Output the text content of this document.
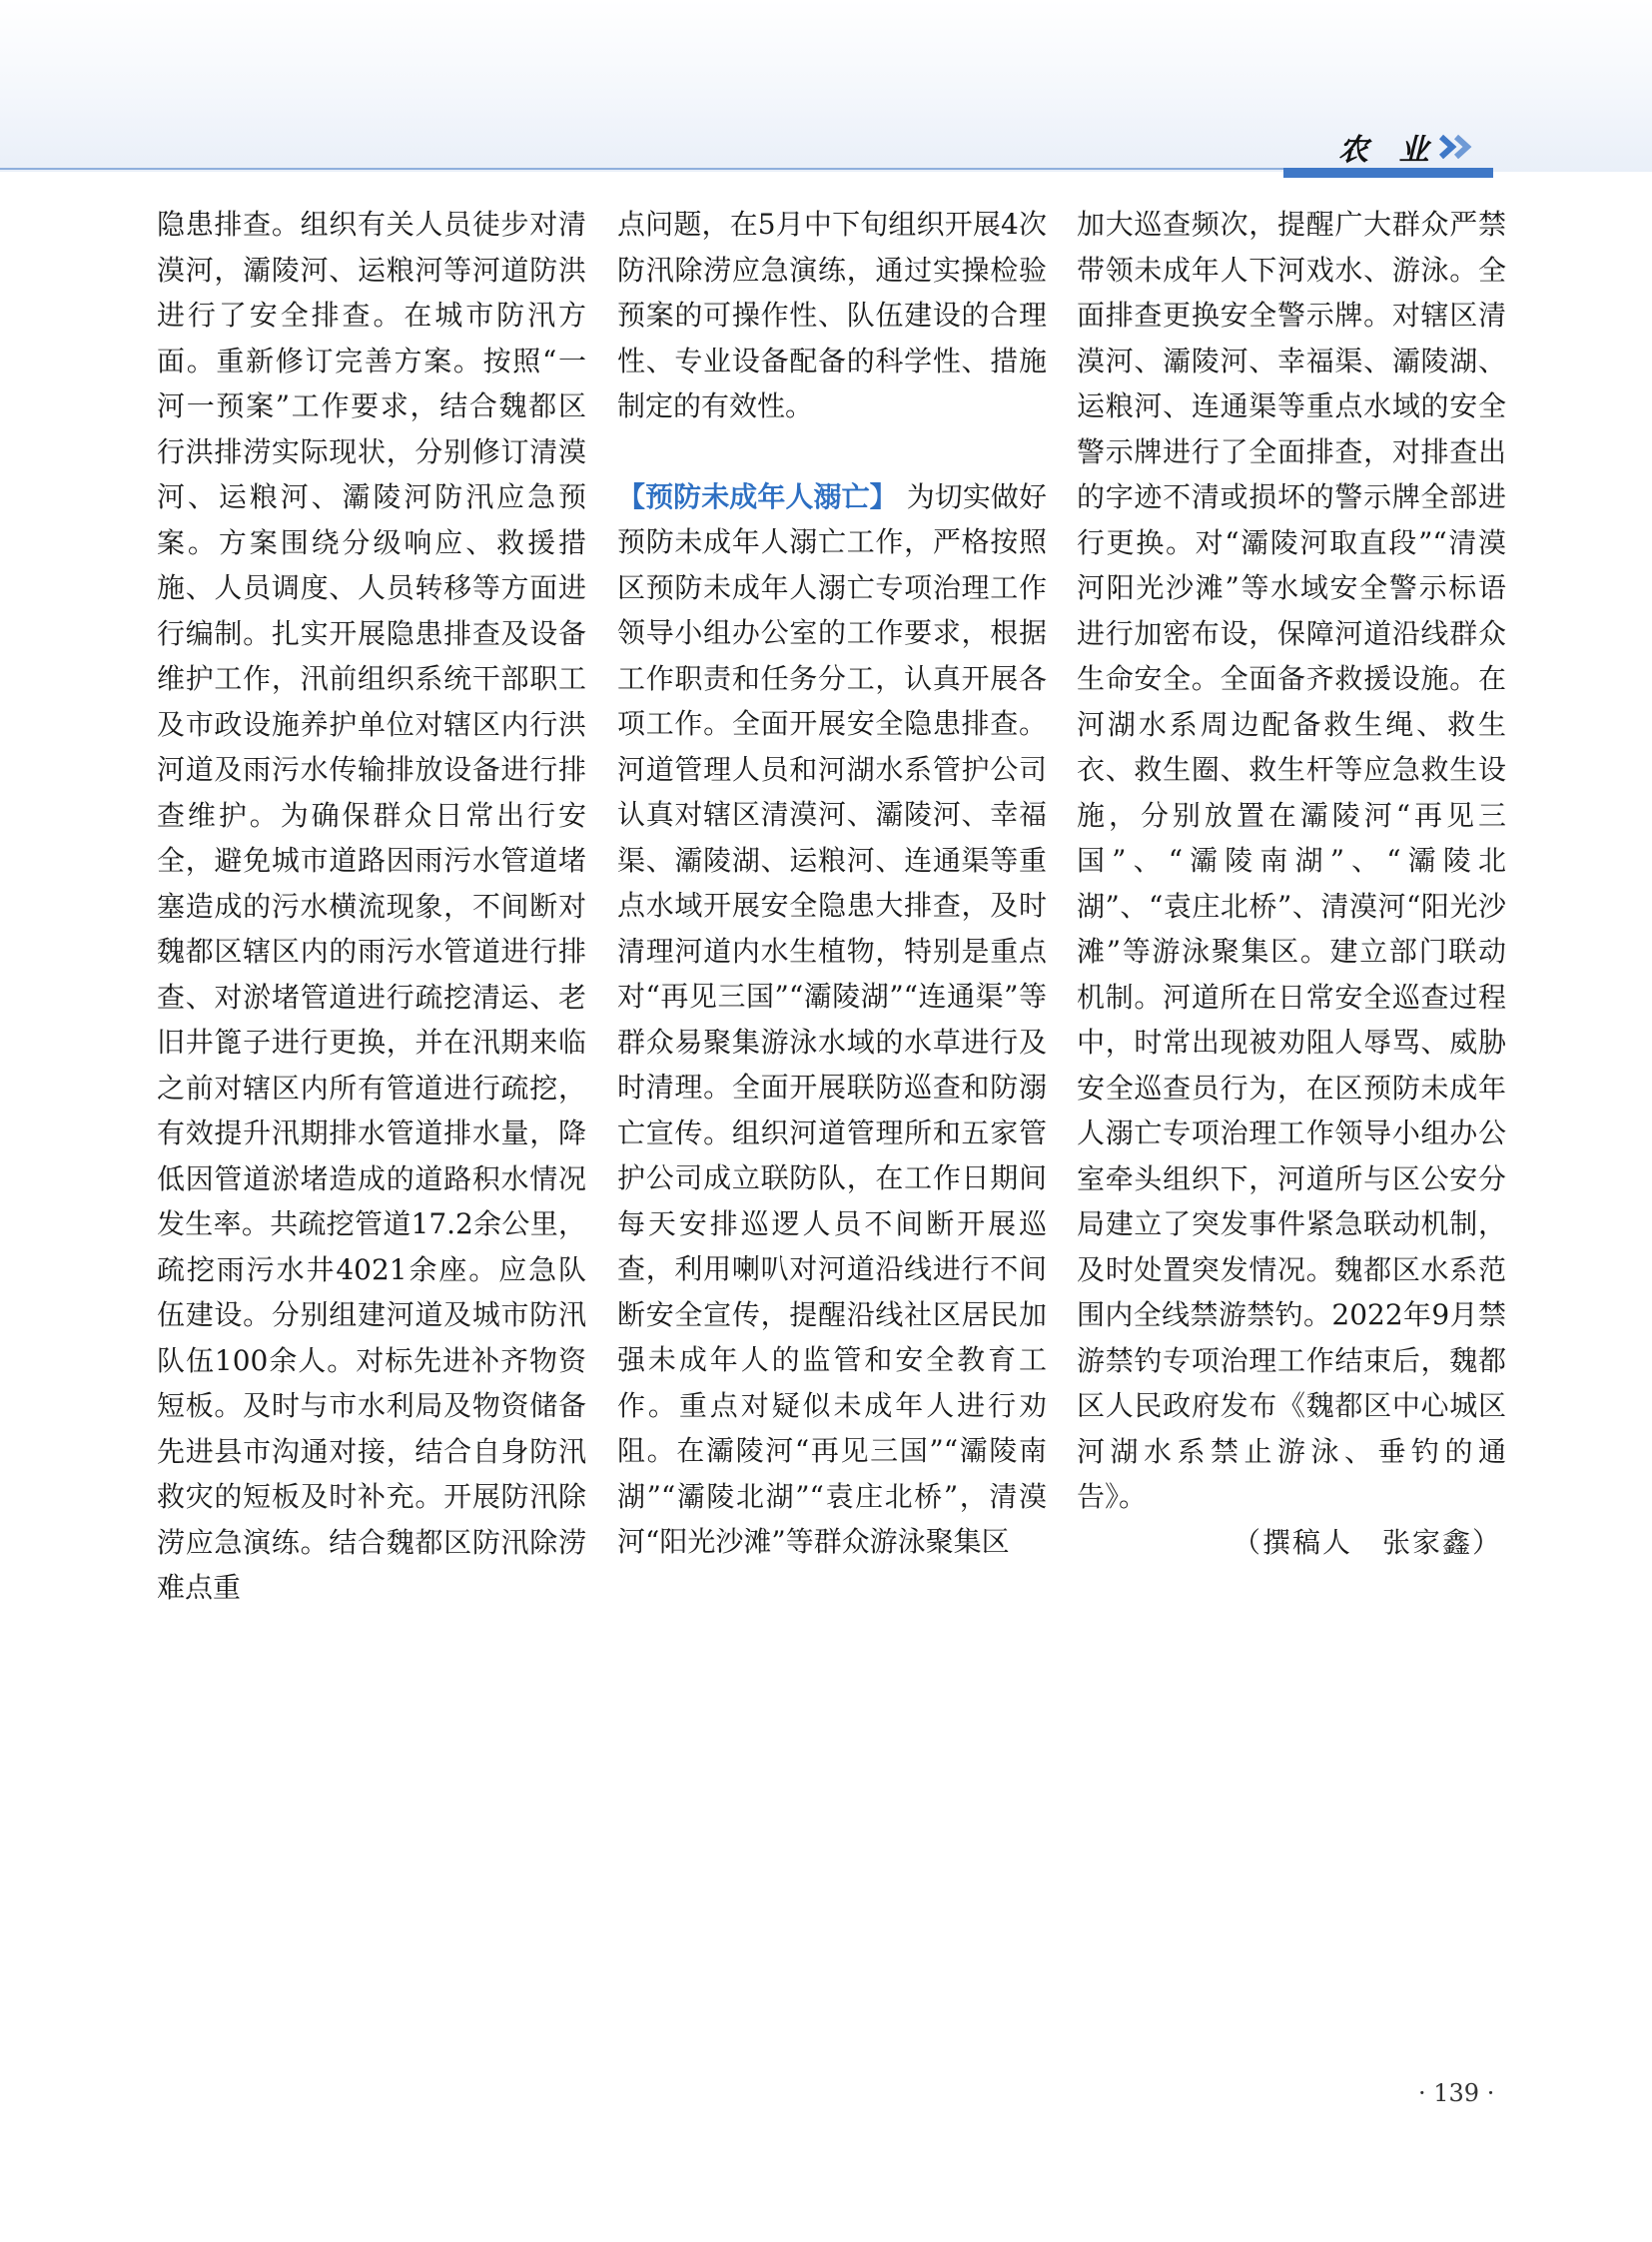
农 业

隐患排查。组织有关人员徒步对清漠河，灞陵河、运粮河等河道防洪进行了安全排查。在城市防汛方面。重新修订完善方案。按照“一河一预案”工作要求，结合魏都区行洪排涝实际现状，分别修订清漠河、运粮河、灞陵河防汛应急预案。方案围绕分级响应、救援措施、人员调度、人员转移等方面进行编制。扎实开展隐患排查及设备维护工作，汛前组织系统干部职工及市政设施养护单位对辖区内行洪河道及雨污水传输排放设备进行排查维护。为确保群众日常出行安全，避免城市道路因雨污水管道堵塞造成的污水横流现象，不间断对魏都区辖区内的雨污水管道进行排查、对淤堵管道进行疏挖清运、老旧井篦子进行更换，并在汛期来临之前对辖区内所有管道进行疏挖，有效提升汛期排水管道排水量，降低因管道淤堵造成的道路积水情况发生率。共疏挖管道17.2余公里，疏挖雨污水井4021余座。应急队伍建设。分别组建河道及城市防汛队伍100余人。对标先进补齐物资短板。及时与市水利局及物资储备先进县市沟通对接，结合自身防汛救灾的短板及时补充。开展防汛除涝应急演练。结合魏都区防汛除涝难点重

点问题，在5月中下旬组织开展4次防汛除涝应急演练，通过实操检验预案的可操作性、队伍建设的合理性、专业设备配备的科学性、措施制定的有效性。

【预防未成年人溺亡】 为切实做好预防未成年人溺亡工作，严格按照区预防未成年人溺亡专项治理工作领导小组办公室的工作要求，根据工作职责和任务分工，认真开展各项工作。全面开展安全隐患排查。河道管理人员和河湖水系管护公司认真对辖区清漠河、灞陵河、幸福渠、灞陵湖、运粮河、连通渠等重点水域开展安全隐患大排查，及时清理河道内水生植物，特别是重点对“再见三国”“灞陵湖”“连通渠”等群众易聚集游泳水域的水草进行及时清理。全面开展联防巡查和防溺亡宣传。组织河道管理所和五家管护公司成立联防队，在工作日期间每天安排巡逻人员不间断开展巡查，利用喇叭对河道沿线进行不间断安全宣传，提醒沿线社区居民加强未成年人的监管和安全教育工作。重点对疑似未成年人进行劝阻。在灞陵河“再见三国”“灞陵南湖”“灞陵北湖”“袁庄北桥”，清漠河“阳光沙滩”等群众游泳聚集区

加大巡查频次，提醒广大群众严禁带领未成年人下河戏水、游泳。全面排查更换安全警示牌。对辖区清漠河、灞陵河、幸福渠、灞陵湖、运粮河、连通渠等重点水域的安全警示牌进行了全面排查，对排查出的字迹不清或损坏的警示牌全部进行更换。对“灞陵河取直段”“清漠河阳光沙滩”等水域安全警示标语进行加密布设，保障河道沿线群众生命安全。全面备齐救援设施。在河湖水系周边配备救生绳、救生衣、救生圈、救生杆等应急救生设施，分别放置在灞陵河“再见三国”、“灞陵南湖”、“灞陵北湖”、“袁庄北桥”、清漠河“阳光沙滩”等游泳聚集区。建立部门联动机制。河道所在日常安全巡查过程中，时常出现被劝阻人辱骂、威胁安全巡查员行为，在区预防未成年人溺亡专项治理工作领导小组办公室牵头组织下，河道所与区公安分局建立了突发事件紧急联动机制，及时处置突发情况。魏都区水系范围内全线禁游禁钓。2022年9月禁游禁钓专项治理工作结束后，魏都区人民政府发布《魏都区中心城区河湖水系禁止游泳、垂钓的通告》。

（撰稿人　张家鑫）

· 139 ·
